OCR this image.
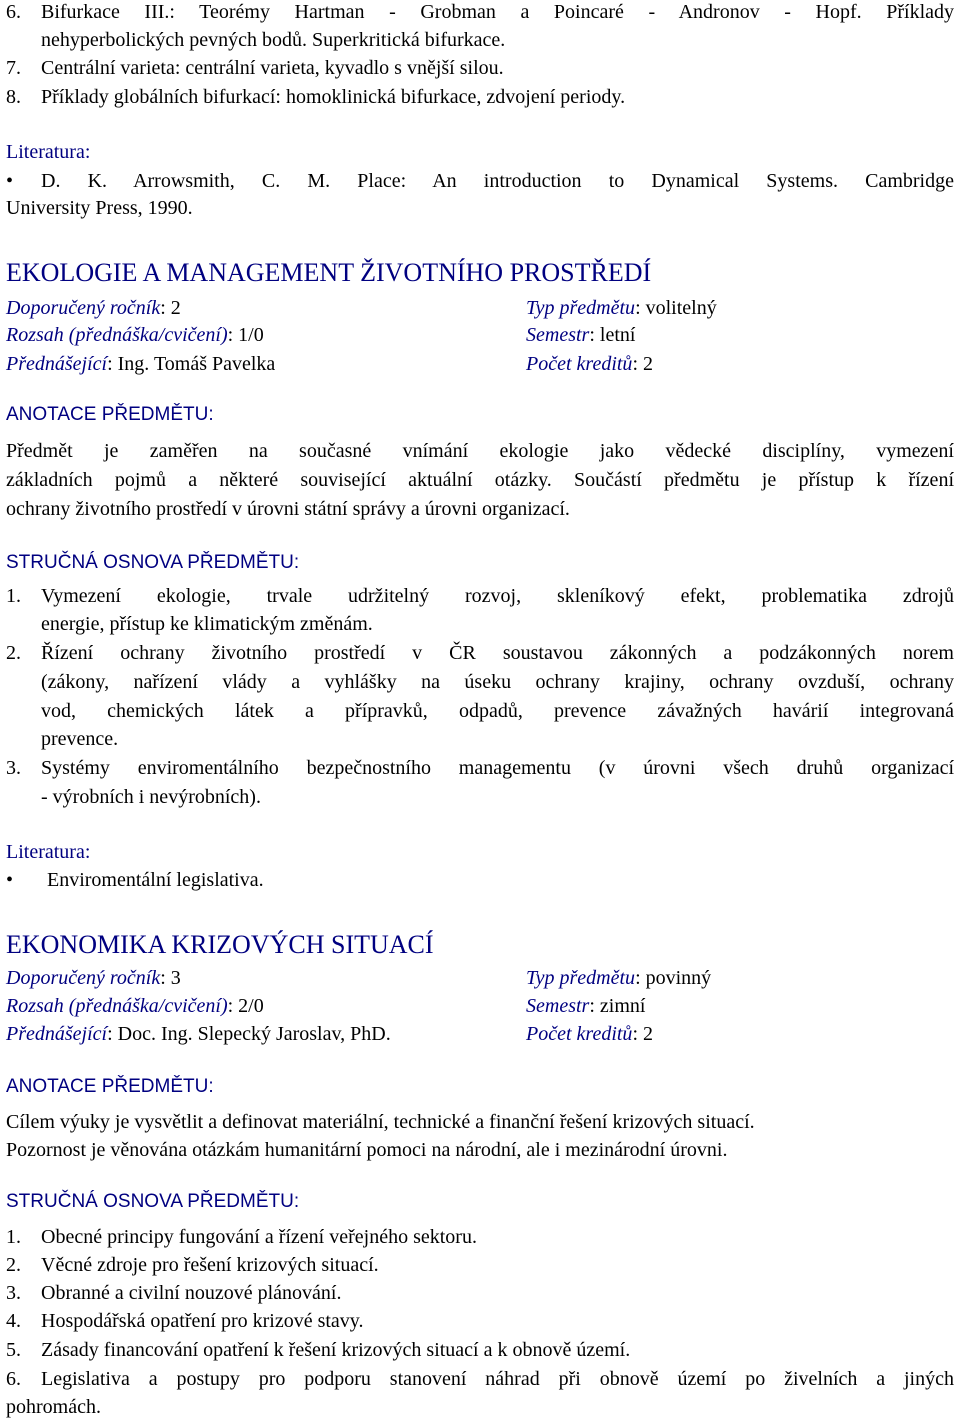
6. Bifurkace III.: Teorémy Hartman - Grobman a Poincaré - Andronov - Hopf. Příklady
nehyperbolických pevných bodů. Superkritická bifurkace.
7. Centrální varieta: centrální varieta, kyvadlo s vnější silou.
8. Příklady globálních bifurkací: homoklinická bifurkace, zdvojení periody.
Literatura:
• D. K. Arrowsmith, C. M. Place: An introduction to Dynamical Systems. Cambridge
University Press, 1990.
EKOLOGIE A MANAGEMENT ŽIVOTNÍHO PROSTŘEDÍ
Doporučený ročník: 2	Typ předmětu: volitelný
Rozsah (přednáška/cvičení): 1/0	Semestr: letní
Přednášející: Ing. Tomáš Pavelka	Počet kreditů: 2
ANOTACE PŘEDMĚTU:
Předmět je zaměřen na současné vnímání ekologie jako vědecké disciplíny, vymezení
základních pojmů a některé související aktuální otázky. Součástí předmětu je přístup k řízení
ochrany životního prostředí v úrovni státní správy a úrovni organizací.
STRUČNÁ OSNOVA PŘEDMĚTU:
1. Vymezení ekologie, trvale udržitelný rozvoj, skleníkový efekt, problematika zdrojů
energie, přístup ke klimatickým změnám.
2. Řízení ochrany životního prostředí v ČR soustavou zákonných a podzákonných norem
(zákony, nařízení vlády a vyhlášky na úseku ochrany krajiny, ochrany ovzduší, ochrany
vod, chemických látek a přípravků, odpadů, prevence závažných havárií integrovaná
prevence.
3. Systémy enviromentálního bezpečnostního managementu (v úrovni všech druhů organizací
- výrobních i nevýrobních).
Literatura:
• Enviromentální legislativa.
EKONOMIKA KRIZOVÝCH SITUACÍ
Doporučený ročník: 3	Typ předmětu: povinný
Rozsah (přednáška/cvičení): 2/0	Semestr: zimní
Přednášející: Doc. Ing. Slepecký Jaroslav, PhD.	Počet kreditů: 2
ANOTACE PŘEDMĚTU:
Cílem výuky je vysvětlit a definovat materiální, technické a finanční řešení krizových situací.
Pozornost je věnována otázkám humanitární pomoci na národní, ale i mezinárodní úrovni.
STRUČNÁ OSNOVA PŘEDMĚTU:
1. Obecné principy fungování a řízení veřejného sektoru.
2. Věcné zdroje pro řešení krizových situací.
3. Obranné a civilní nouzové plánování.
4. Hospodářská opatření pro krizové stavy.
5. Zásady financování opatření k řešení krizových situací a k obnově území.
6. Legislativa a postupy pro podporu stanovení náhrad při obnově území po živelních a jiných
pohromách.
